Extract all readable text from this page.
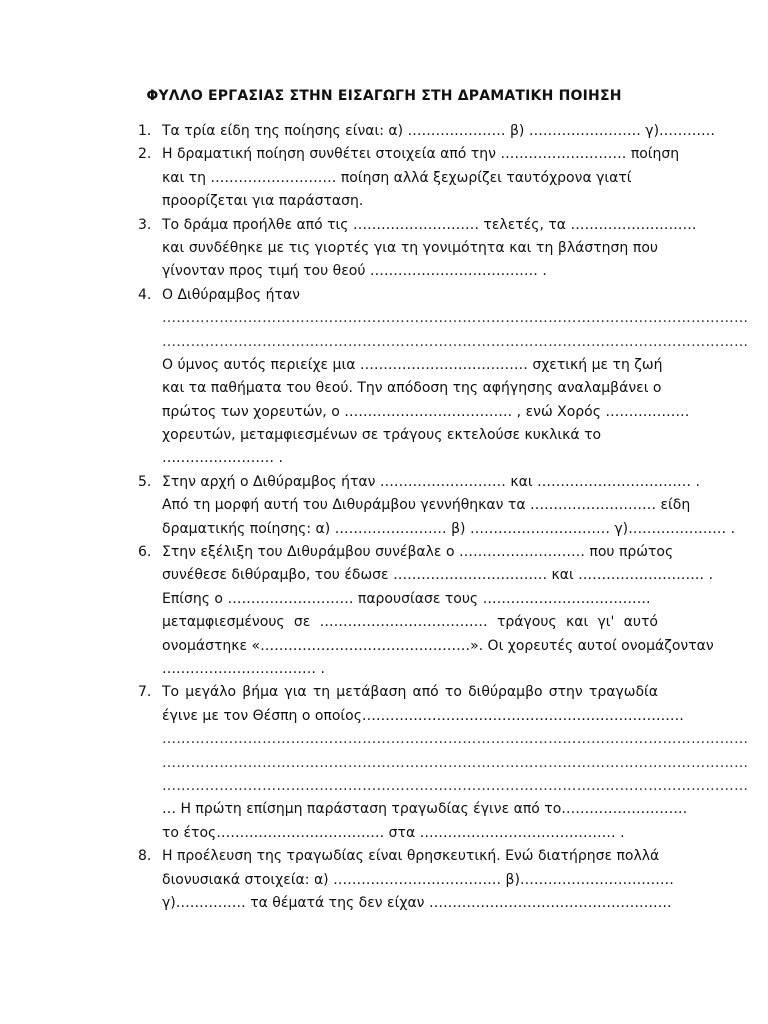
ΦΥΛΛΟ ΕΡΓΑΣΙΑΣ ΣΤΗΝ ΕΙΣΑΓΩΓΗ ΣΤΗ ΔΡΑΜΑΤΙΚΗ ΠΟΙΗΣΗ
1. Τα τρία είδη της ποίησης είναι: α) ………………… β) …………………… γ)…………
2. Η δραματική ποίηση συνθέτει στοιχεία από την ……………………… ποίηση
και τη ……………………… ποίηση αλλά ξεχωρίζει ταυτόχρονα γιατί
προορίζεται για παράσταση.
3. Το δράμα προήλθε από τις ……………………… τελετές, τα ………………………
και συνδέθηκε με τις γιορτές για τη γονιμότητα και τη βλάστηση που
γίνονταν προς τιμή του θεού ……………………………… .
4. Ο Διθύραμβος ήταν
……………………………………………………………………………………………………………
……………………………………………………………………………………………………………
Ο ύμνος αυτός περιείχε μια ……………………………… σχετική με τη ζωή
και τα παθήματα του θεού. Την απόδοση της αφήγησης αναλαμβάνει ο
πρώτος των χορευτών, ο ……………………………… , ενώ Χορός ………………
χορευτών, μεταμφιεσμένων σε τράγους εκτελούσε κυκλικά το
…………………… .
5. Στην αρχή ο Διθύραμβος ήταν ……………………… και …………………………… .
Από τη μορφή αυτή του Διθυράμβου γεννήθηκαν τα ……………………… είδη
δραματικής ποίησης: α) …………………… β) ………………………… γ)………………… .
6. Στην εξέλιξη του Διθυράμβου συνέβαλε ο ……………………… που πρώτος
συνέθεσε διθύραμβο, του έδωσε …………………………… και ……………………… .
Επίσης ο ……………………… παρουσίασε τους ………………………………
μεταμφιεσμένους σε ……………………………… τράγους και γι' αυτό
ονομάστηκε «………………………………………». Οι χορευτές αυτοί ονομάζονταν
…………………………… .
7. Το μεγάλο βήμα για τη μετάβαση από το διθύραμβο στην τραγωδία
έγινε με τον Θέσπη ο οποίος……………………………………………………………
……………………………………………………………………………………………………………
……………………………………………………………………………………………………………
……………………………………………………………………………………………………………
… Η πρώτη επίσημη παράσταση τραγωδίας έγινε από το………………………
το έτος……………………………… στα …………………………………… .
8. Η προέλευση της τραγωδίας είναι θρησκευτική. Ενώ διατήρησε πολλά
διονυσιακά στοιχεία: α) ……………………………… β)……………………………
γ)…………… τα θέματά της δεν είχαν …………………………………………….
